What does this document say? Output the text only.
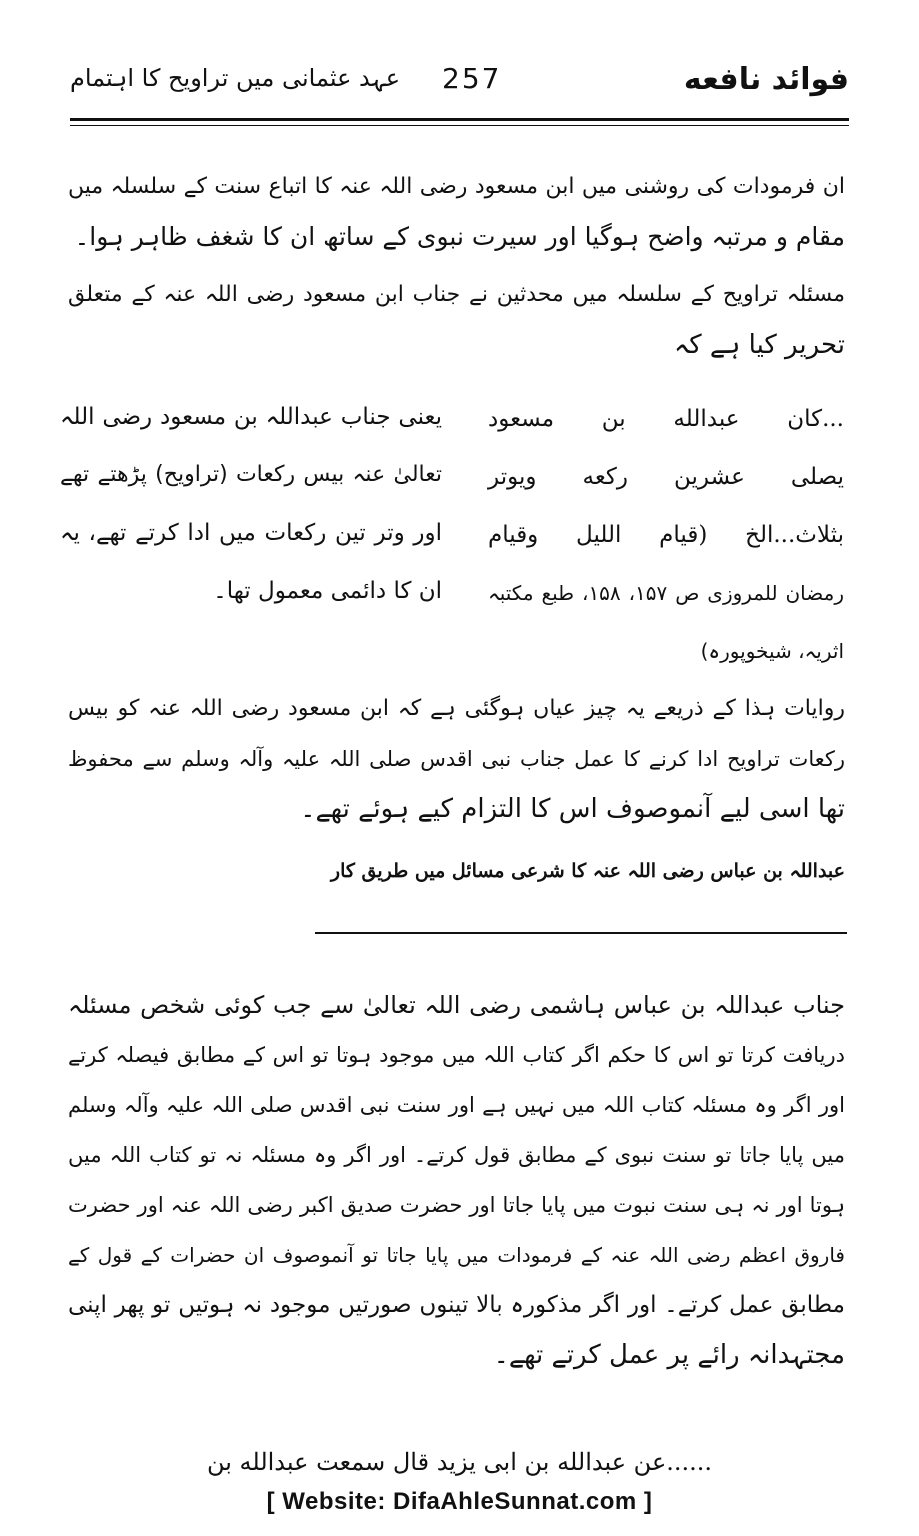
فوائد نافعه
257
عہد عثمانی میں تراویح کا اہتمام
ان فرمودات کی روشنی میں ابن مسعود رضی اللہ عنہ کا اتباع سنت کے سلسلہ میں
مقام و مرتبہ واضح ہوگیا اور سیرت نبوی کے ساتھ ان کا شغف ظاہر ہوا۔
مسئلہ تراویح کے سلسلہ میں محدثین نے جناب ابن مسعود رضی اللہ عنہ کے متعلق
تحریر کیا ہے کہ
...کان عبدالله بن مسعود
یصلی عشرین رکعه ویوتر
بثلاث...الخ (قیام اللیل وقیام
رمضان للمروزی ص ۱۵۷، ۱۵۸، طبع مکتبہ
اثریہ، شیخوپورہ)
یعنی جناب عبداللہ بن مسعود رضی اللہ
تعالیٰ عنہ بیس رکعات (تراویح) پڑھتے تھے
اور وتر تین رکعات میں ادا کرتے تھے، یہ
ان کا دائمی معمول تھا۔
روایات ہذا کے ذریعے یہ چیز عیاں ہوگئی ہے کہ ابن مسعود رضی اللہ عنہ کو بیس
رکعات تراویح ادا کرنے کا عمل جناب نبی اقدس صلی اللہ علیہ وآلہ وسلم سے محفوظ
تھا اسی لیے آنموصوف اس کا التزام کیے ہوئے تھے۔
عبداللہ بن عباس رضی اللہ عنہ کا شرعی مسائل میں طریق کار
جناب عبداللہ بن عباس ہاشمی رضی اللہ تعالیٰ سے جب کوئی شخص مسئلہ
دریافت کرتا تو اس کا حکم اگر کتاب اللہ میں موجود ہوتا تو اس کے مطابق فیصلہ کرتے
اور اگر وہ مسئلہ کتاب اللہ میں نہیں ہے اور سنت نبی اقدس صلی اللہ علیہ وآلہ وسلم
میں پایا جاتا تو سنت نبوی کے مطابق قول کرتے۔ اور اگر وہ مسئلہ نہ تو کتاب اللہ میں
ہوتا اور نہ ہی سنت نبوت میں پایا جاتا اور حضرت صدیق اکبر رضی اللہ عنہ اور حضرت
فاروق اعظم رضی اللہ عنہ کے فرمودات میں پایا جاتا تو آنموصوف ان حضرات کے قول کے
مطابق عمل کرتے۔ اور اگر مذکورہ بالا تینوں صورتیں موجود نہ ہوتیں تو پھر اپنی
مجتہدانہ رائے پر عمل کرتے تھے۔
......عن عبدالله بن ابی یزید قال سمعت عبدالله بن
[ Website: DifaAhleSunnat.com ]
